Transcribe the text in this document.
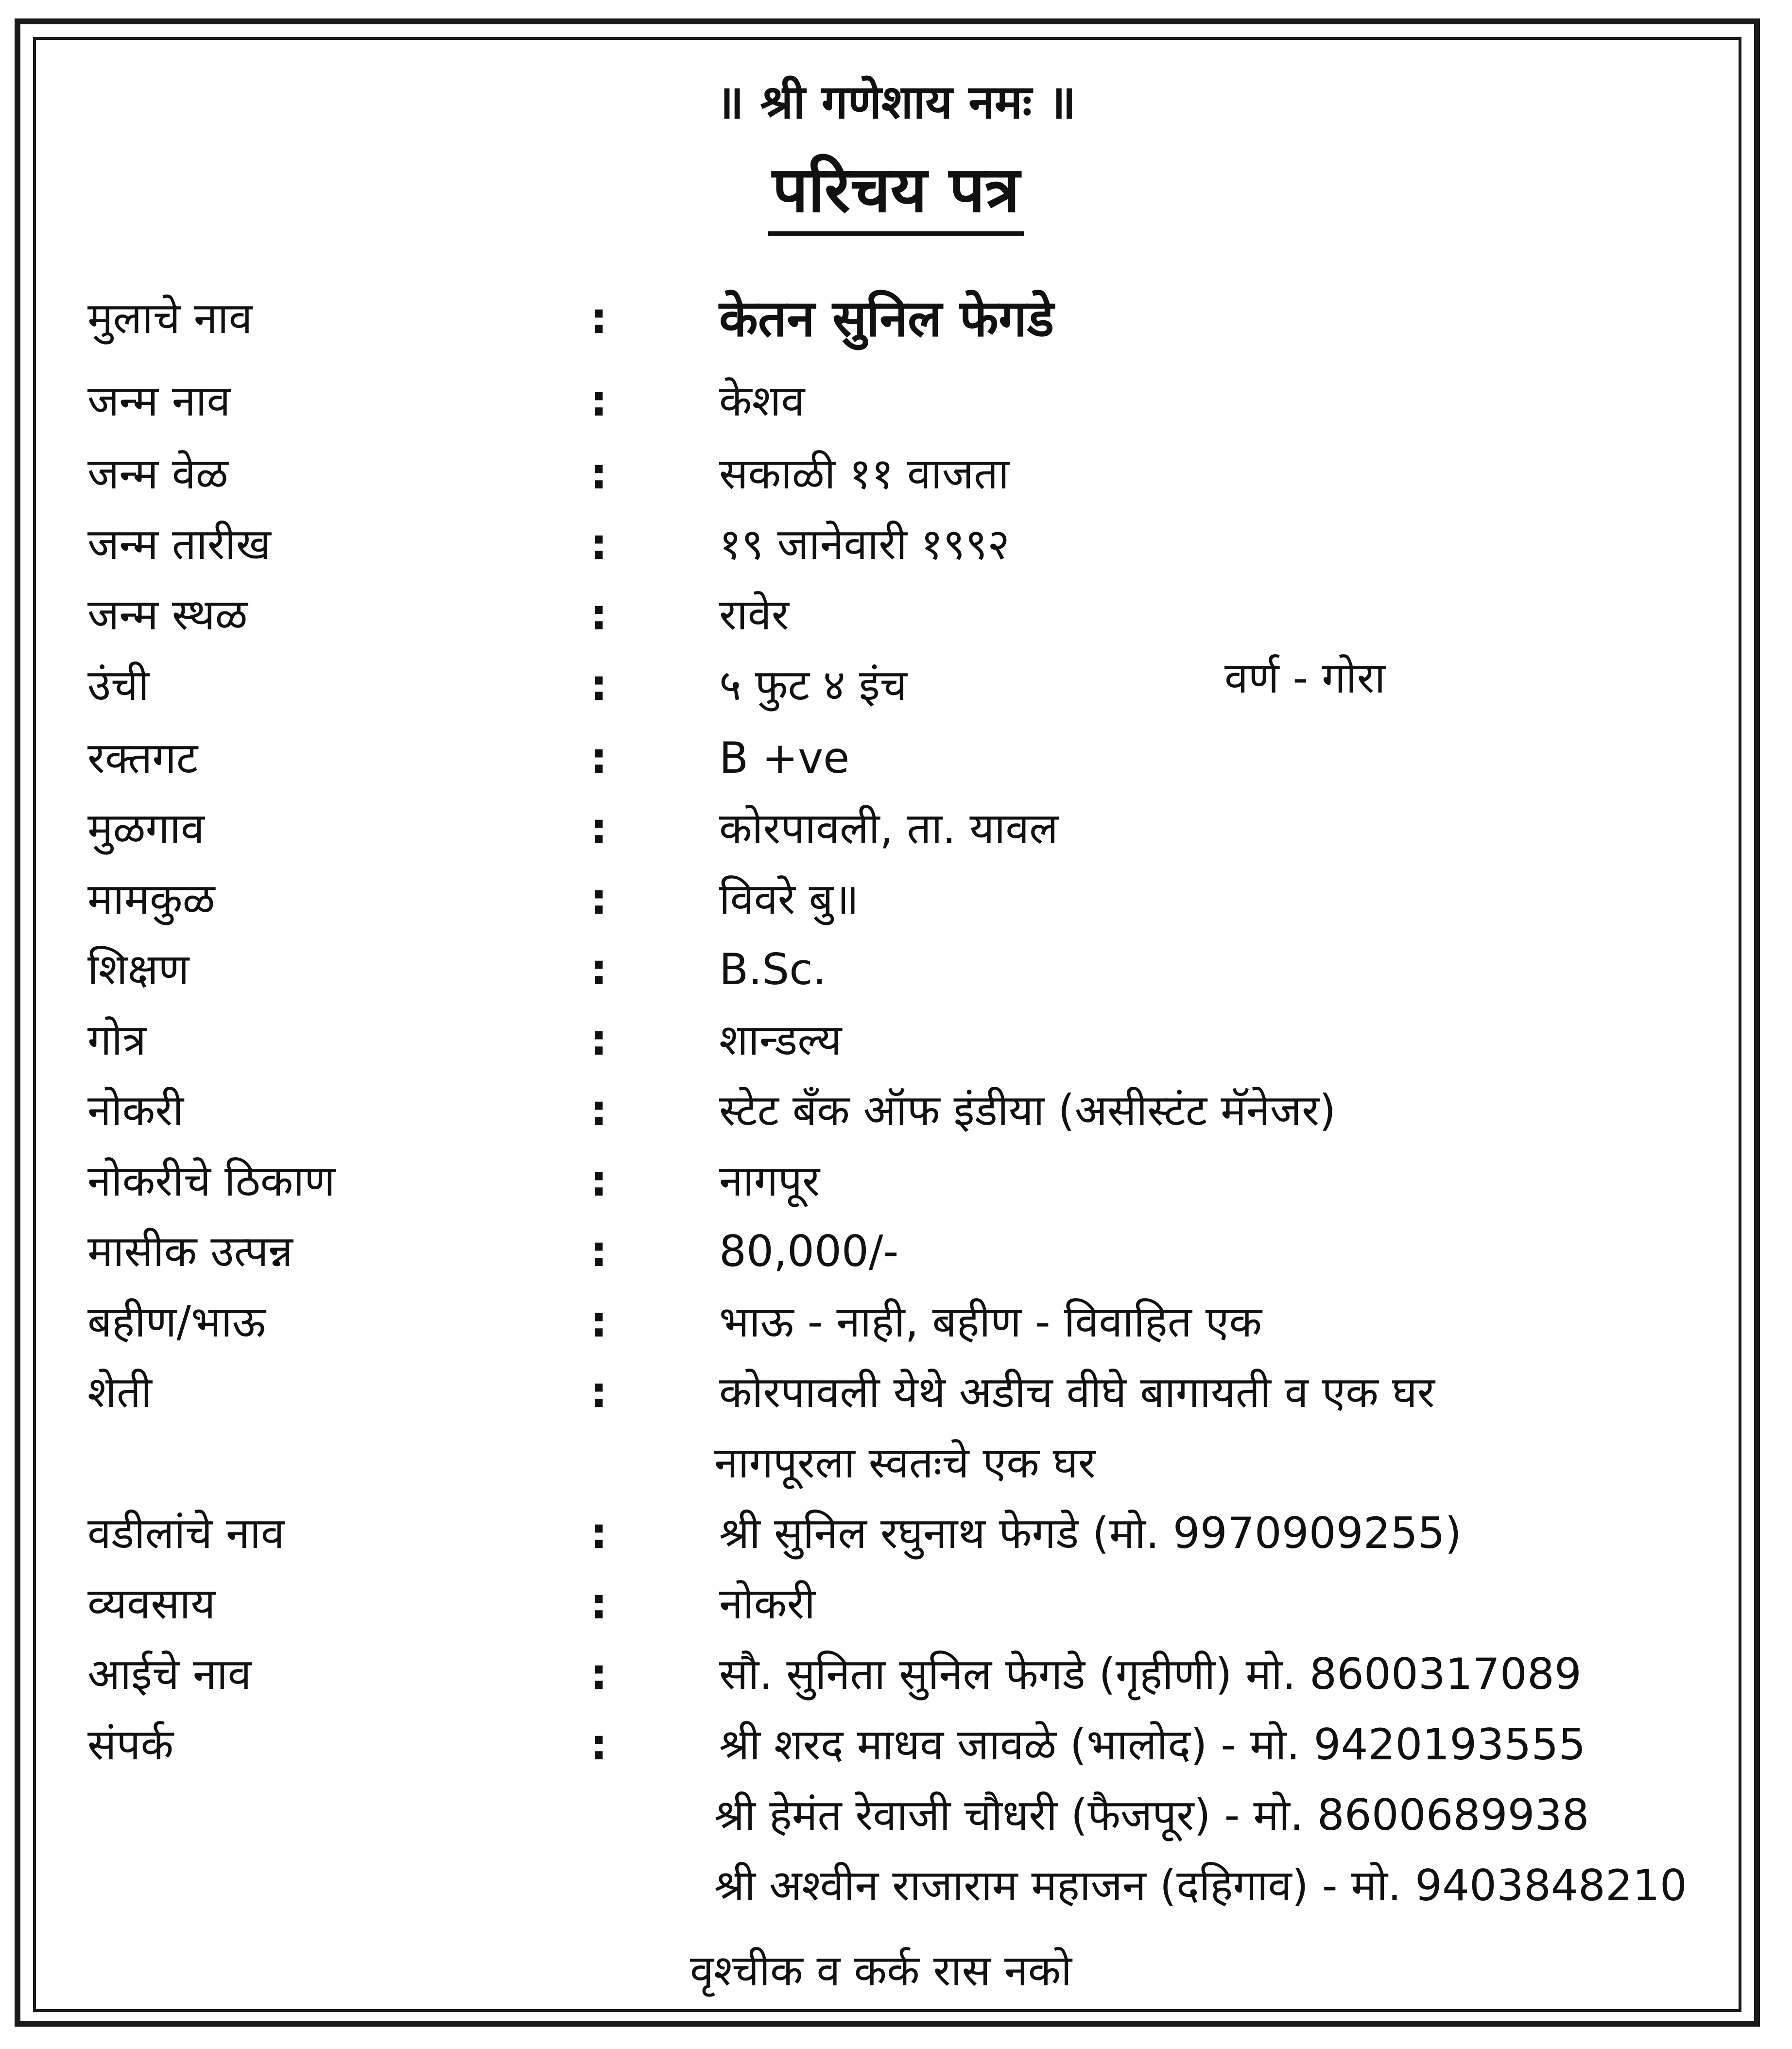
॥ श्री गणेशाय नमः ॥
परिचय पत्र
मुलाचे नाव	: केतन सुनिल फेगडे
जन्म नाव	:	केशव
जन्म वेळ	:	सकाळी ११ वाजता
जन्म तारीख	:	१९ जानेवारी १९९२
जन्म स्थळ	:	रावेर
उंची	:	५ फुट ४ इंच	वर्ण - गोरा
रक्तगट	:	B +ve
मुळगाव	:	कोरपावली, ता. यावल
मामकुळ	:	विवरे बु॥
शिक्षण	:	B.Sc.
गोत्र	:	शान्डल्य
नोकरी	:	स्टेट बँक ऑफ इंडीया (असीस्टंट मॅनेजर)
नोकरीचे ठिकाण	:	नागपूर
मासीक उत्पन्न	:	80,000/-
बहीण/भाऊ	:	भाऊ - नाही, बहीण - विवाहित एक
शेती	:	कोरपावली येथे अडीच वीघे बागायती व एक घर
नागपूरला स्वतःचे एक घर
वडीलांचे नाव	:	श्री सुनिल रघुनाथ फेगडे (मो. 9970909255)
व्यवसाय	:	नोकरी
आईचे नाव	:	सौ. सुनिता सुनिल फेगडे (गृहीणी) मो. 8600317089
संपर्क	:	श्री शरद माधव जावळे (भालोद) - मो. 9420193555
श्री हेमंत रेवाजी चौधरी (फैजपूर) - मो. 8600689938
श्री अश्वीन राजाराम महाजन (दहिगाव) - मो. 9403848210
वृश्चीक व कर्क रास नको
